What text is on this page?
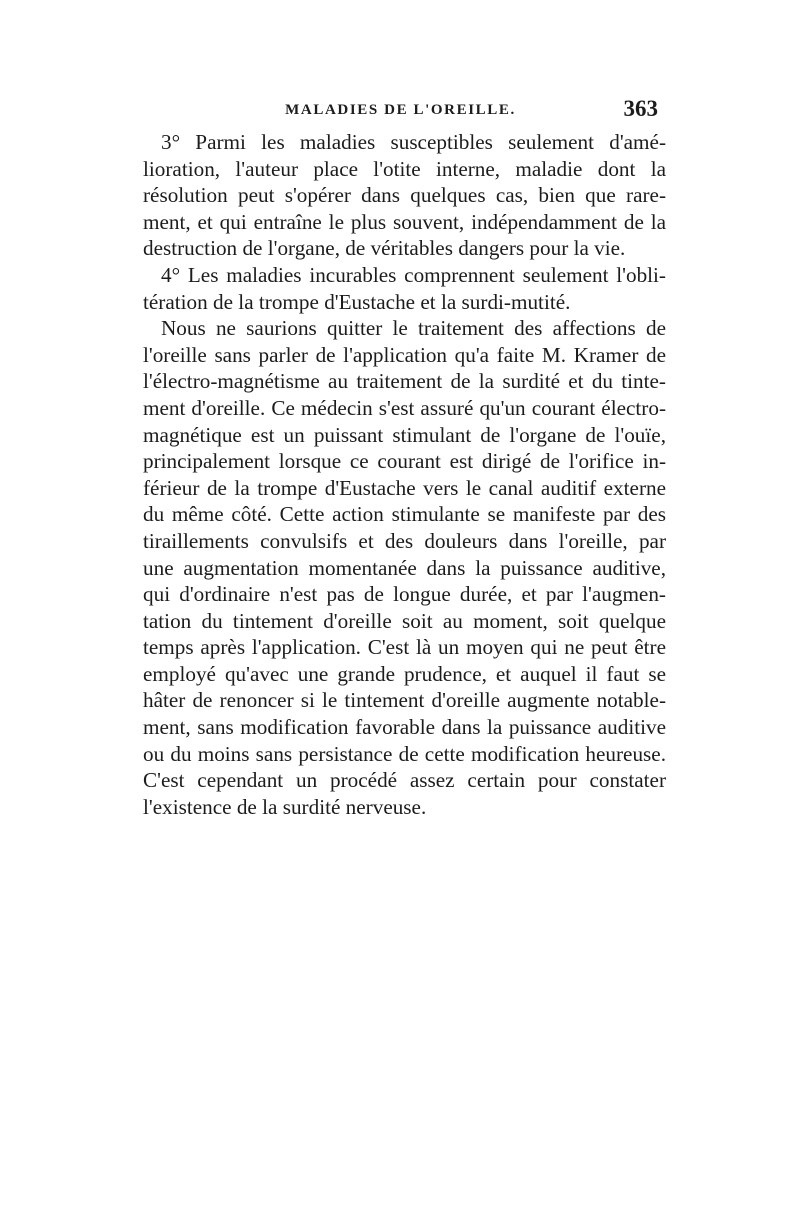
MALADIES DE L'OREILLE.	363
3° Parmi les maladies susceptibles seulement d'amé-
lioration, l'auteur place l'otite interne, maladie dont la
résolution peut s'opérer dans quelques cas, bien que rare-
ment, et qui entraîne le plus souvent, indépendamment de la
destruction de l'organe, de véritables dangers pour la vie.
4° Les maladies incurables comprennent seulement l'obli-
tération de la trompe d'Eustache et la surdi-mutité.
Nous ne saurions quitter le traitement des affections de
l'oreille sans parler de l'application qu'a faite M. Kramer de
l'électro-magnétisme au traitement de la surdité et du tinte-
ment d'oreille. Ce médecin s'est assuré qu'un courant électro-
magnétique est un puissant stimulant de l'organe de l'ouïe,
principalement lorsque ce courant est dirigé de l'orifice in-
férieur de la trompe d'Eustache vers le canal auditif externe
du même côté. Cette action stimulante se manifeste par des
tiraillements convulsifs et des douleurs dans l'oreille, par
une augmentation momentanée dans la puissance auditive,
qui d'ordinaire n'est pas de longue durée, et par l'augmen-
tation du tintement d'oreille soit au moment, soit quelque
temps après l'application. C'est là un moyen qui ne peut être
employé qu'avec une grande prudence, et auquel il faut se
hâter de renoncer si le tintement d'oreille augmente notable-
ment, sans modification favorable dans la puissance auditive
ou du moins sans persistance de cette modification heureuse.
C'est cependant un procédé assez certain pour constater
l'existence de la surdité nerveuse.
